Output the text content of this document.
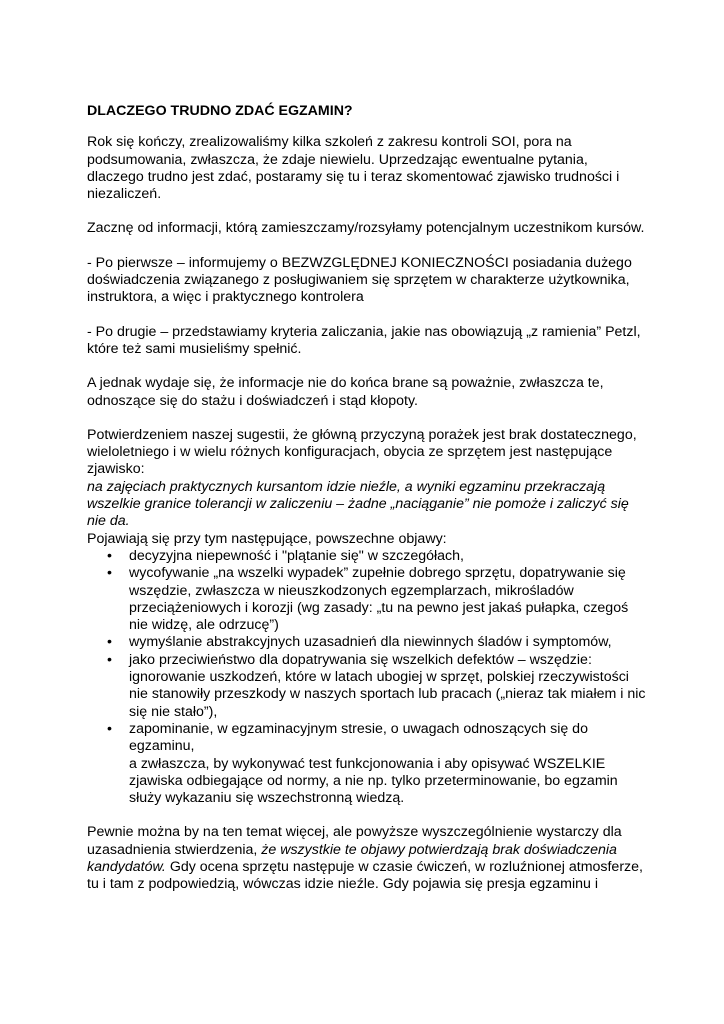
DLACZEGO TRUDNO ZDAĆ EGZAMIN?

Rok się kończy, zrealizowaliśmy kilka szkoleń z zakresu kontroli SOI, pora na podsumowania, zwłaszcza, że zdaje niewielu. Uprzedzając ewentualne pytania, dlaczego trudno jest zdać, postaramy się tu i teraz skomentować zjawisko trudności i niezaliczeń.

Zacznę od informacji, którą zamieszczamy/rozsyłamy potencjalnym uczestnikom kursów.

- Po pierwsze – informujemy o BEZWZGLĘDNEJ KONIECZNOŚCI posiadania dużego doświadczenia związanego z posługiwaniem się sprzętem w charakterze użytkownika, instruktora, a więc i praktycznego kontrolera

- Po drugie – przedstawiamy kryteria zaliczania, jakie nas obowiązują „z ramienia” Petzl, które też sami musieliśmy spełnić.

A jednak wydaje się, że informacje nie do końca brane są poważnie, zwłaszcza te, odnoszące się do stażu i doświadczeń i stąd kłopoty.

Potwierdzeniem naszej sugestii, że główną przyczyną porażek jest brak dostatecznego, wieloletniego i w wielu różnych konfiguracjach, obycia ze sprzętem jest następujące zjawisko:
na zajęciach praktycznych kursantom idzie nieźle, a wyniki egzaminu przekraczają wszelkie granice tolerancji w zaliczeniu – żadne „naciąganie” nie pomoże i zaliczyć się nie da.

Pojawiają się przy tym następujące, powszechne objawy:

• decyzyjna niepewność i "plątanie się" w szczegółach,
• wycofywanie „na wszelki wypadek” zupełnie dobrego sprzętu, dopatrywanie się wszędzie, zwłaszcza w nieuszkodzonych egzemplarzach, mikrośladów przeciążeniowych i korozji (wg zasady: „tu na pewno jest jakaś pułapka, czegoś nie widzę, ale odrzucę”)
• wymyślanie abstrakcyjnych uzasadnień dla niewinnych śladów i symptomów,
• jako przeciwieństwo dla dopatrywania się wszelkich defektów – wszędzie: ignorowanie uszkodzeń, które w latach ubogiej w sprzęt, polskiej rzeczywistości nie stanowiły przeszkody w naszych sportach lub pracach („nieraz tak miałem i nic się nie stało”),
• zapominanie, w egzaminacyjnym stresie, o uwagach odnoszących się do egzaminu,
a zwłaszcza, by wykonywać test funkcjonowania i aby opisywać WSZELKIE zjawiska odbiegające od normy, a nie np. tylko przeterminowanie, bo egzamin służy wykazaniu się wszechstronną wiedzą.

Pewnie można by na ten temat więcej, ale powyższe wyszczególnienie wystarczy dla uzasadnienia stwierdzenia, że wszystkie te objawy potwierdzają brak doświadczenia kandydatów. Gdy ocena sprzętu następuje w czasie ćwiczeń, w rozluźnionej atmosferze,

tu i tam z podpowiedzią, wówczas idzie nieźle. Gdy pojawia się presja egzaminu i
